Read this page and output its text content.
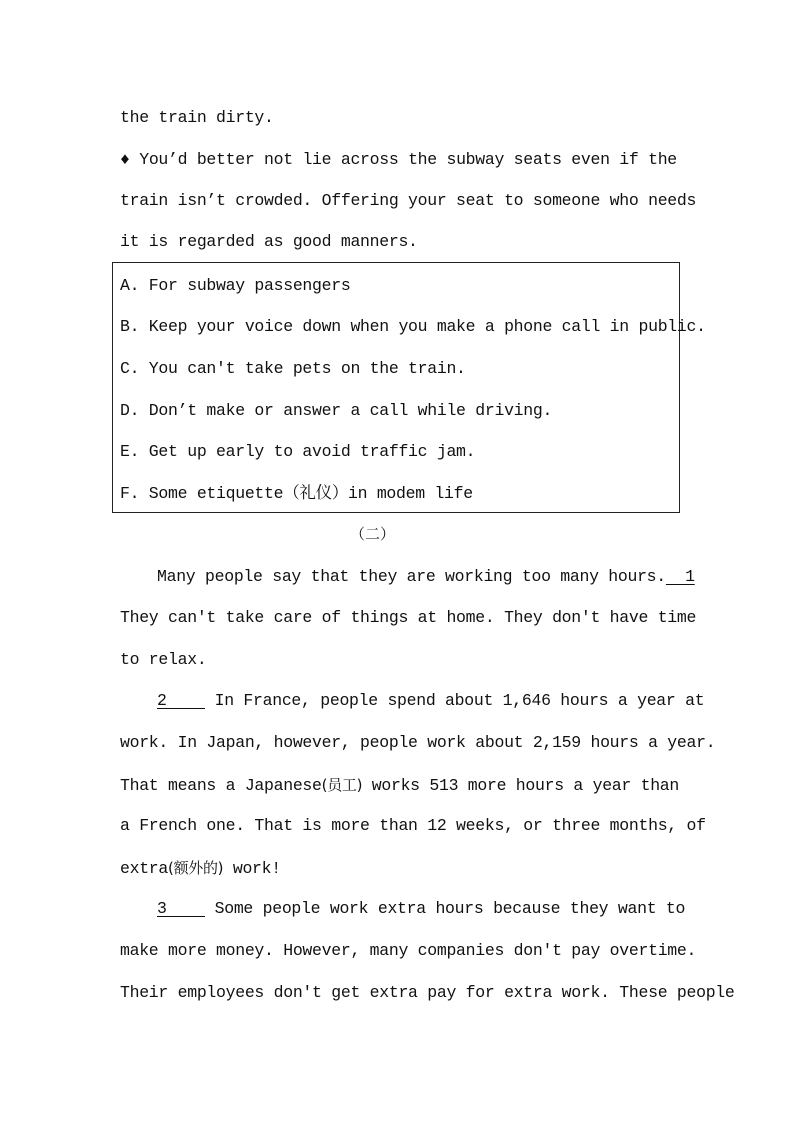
the train dirty.
♦ You’d better not lie across the subway seats even if the
train isn’t crowded. Offering your seat to someone who needs
it is regarded as good manners.
A. For subway passengers
B. Keep your voice down when you make a phone call in public.
C. You can't take pets on the train.
D. Don’t make or answer a call while driving.
E. Get up early to avoid traffic jam.
F. Some etiquette（礼仪）in modem life
（二）
Many people say that they are working too many hours.  1
They can't take care of things at home. They don't have time
to relax.
2     In France, people spend about 1,646 hours a year at
work. In Japan, however, people work about 2,159 hours a year.
That means a Japanese(员工) works 513 more hours a year than
a French one. That is more than 12 weeks, or three months, of
extra(额外的) work!
3     Some people work extra hours because they want to
make more money. However, many companies don't pay overtime.
Their employees don't get extra pay for extra work. These people
